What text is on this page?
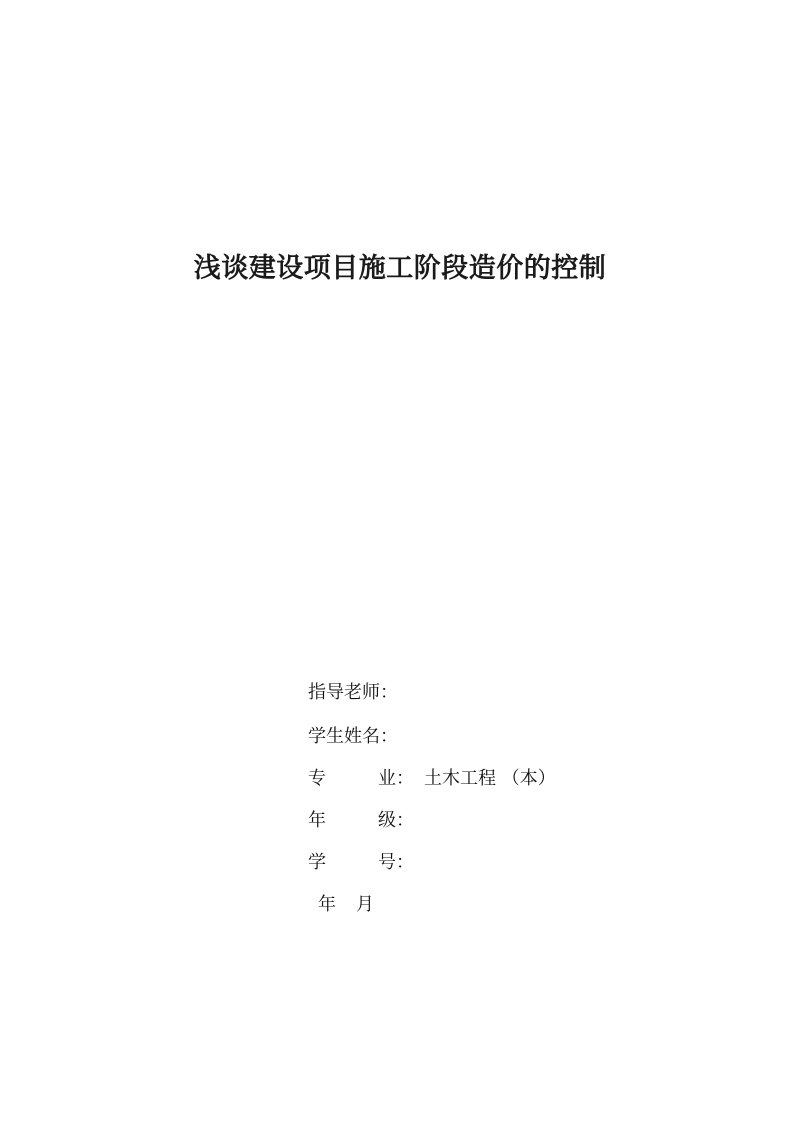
浅谈建设项目施工阶段造价的控制
指导老师：
学生姓名：
专	业 ： 土木工程 （本）
年	级 ：
学	号 ：
年 月
